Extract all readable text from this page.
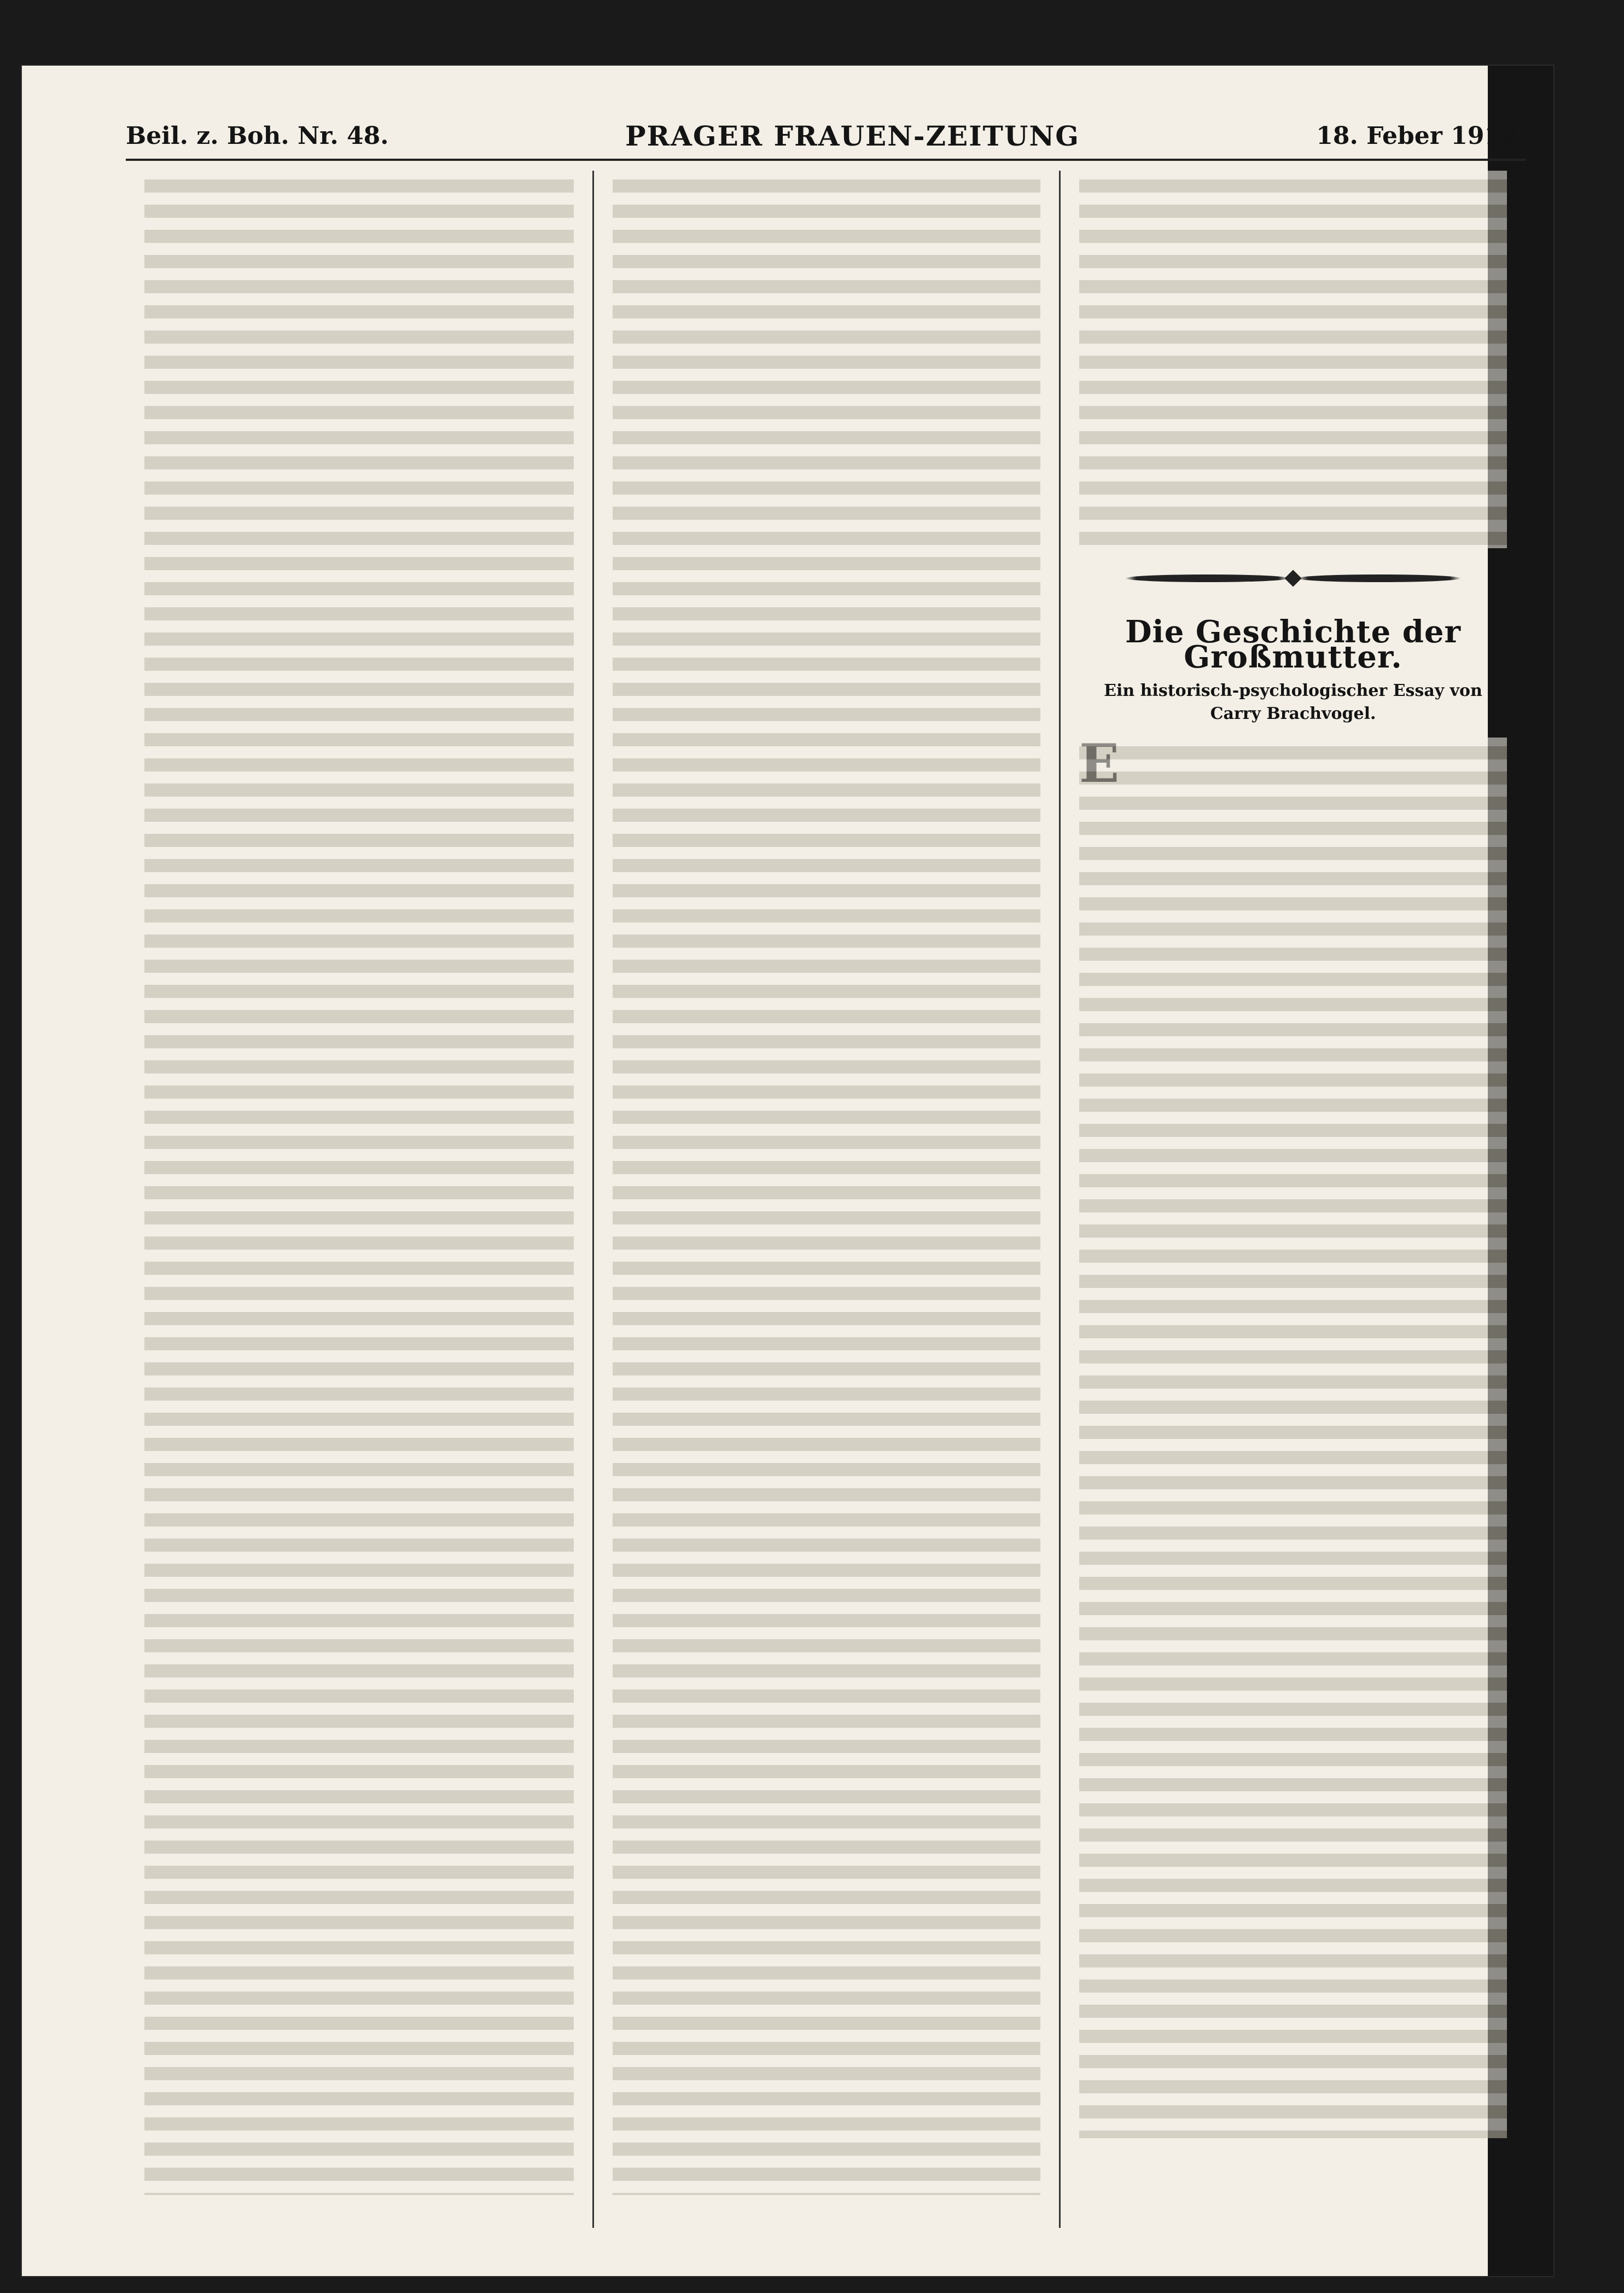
Beil. z. Boh. Nr. 48.	PRAGER FRAUEN-ZEITUNG	18. Feber 1912.
Die Geschichte der Großmutter.
Ein historisch-psychologischer Essay von Carry Brachvogel.
